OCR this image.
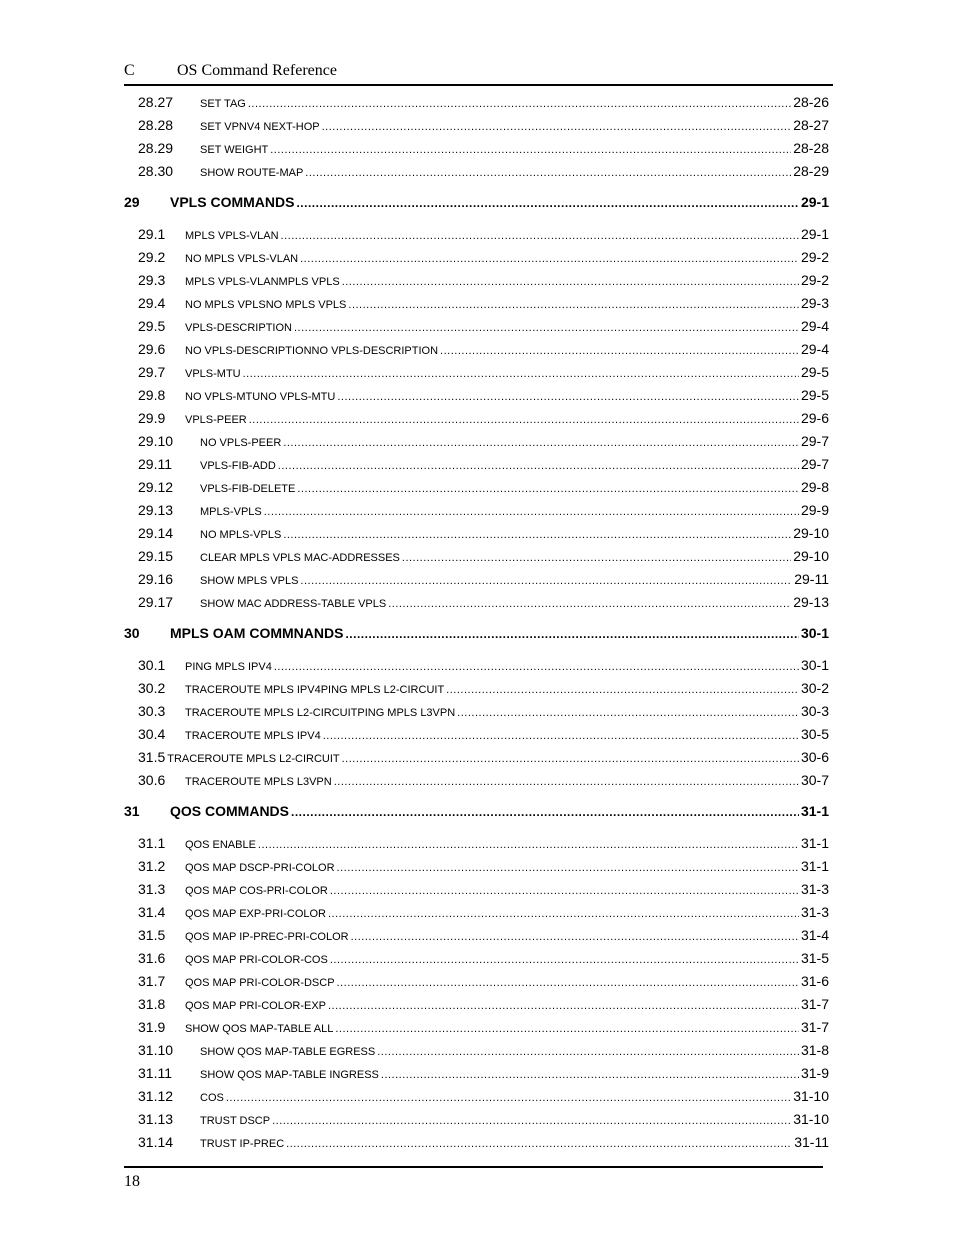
C	OS Command Reference
28.27	SET TAG .....	28-26
28.28	SET VPNV4 NEXT-HOP .....	28-27
28.29	SET WEIGHT .....	28-28
28.30	SHOW ROUTE-MAP .....	28-29
29	VPLS COMMANDS .....	29-1
29.1	MPLS VPLS-VLAN .....	29-1
29.2	NO MPLS VPLS-VLAN .....	29-2
29.3	MPLS VPLS-VLANMPLS VPLS .....	29-2
29.4	NO MPLS VPLSNO MPLS VPLS .....	29-3
29.5	VPLS-DESCRIPTION .....	29-4
29.6	NO VPLS-DESCRIPTIONNO VPLS-DESCRIPTION .....	29-4
29.7	VPLS-MTU .....	29-5
29.8	NO VPLS-MTUNO VPLS-MTU .....	29-5
29.9	VPLS-PEER .....	29-6
29.10	NO VPLS-PEER .....	29-7
29.11	VPLS-FIB-ADD .....	29-7
29.12	VPLS-FIB-DELETE .....	29-8
29.13	MPLS-VPLS .....	29-9
29.14	NO MPLS-VPLS .....	29-10
29.15	CLEAR MPLS VPLS MAC-ADDRESSES .....	29-10
29.16	SHOW MPLS VPLS .....	29-11
29.17	SHOW MAC ADDRESS-TABLE VPLS .....	29-13
30	MPLS OAM COMMNANDS .....	30-1
30.1	PING MPLS IPV4 .....	30-1
30.2	TRACEROUTE MPLS IPV4PING MPLS L2-CIRCUIT .....	30-2
30.3	TRACEROUTE MPLS L2-CIRCUITPING MPLS L3VPN .....	30-3
30.4	TRACEROUTE MPLS IPV4 .....	30-5
31.5 TRACEROUTE MPLS L2-CIRCUIT .....	30-6
30.6	TRACEROUTE MPLS L3VPN .....	30-7
31	QOS COMMANDS .....	31-1
31.1	QOS ENABLE .....	31-1
31.2	QOS MAP DSCP-PRI-COLOR .....	31-1
31.3	QOS MAP COS-PRI-COLOR .....	31-3
31.4	QOS MAP EXP-PRI-COLOR .....	31-3
31.5	QOS MAP IP-PREC-PRI-COLOR .....	31-4
31.6	QOS MAP PRI-COLOR-COS .....	31-5
31.7	QOS MAP PRI-COLOR-DSCP .....	31-6
31.8	QOS MAP PRI-COLOR-EXP .....	31-7
31.9	SHOW QOS MAP-TABLE ALL .....	31-7
31.10	SHOW QOS MAP-TABLE EGRESS .....	31-8
31.11	SHOW QOS MAP-TABLE INGRESS .....	31-9
31.12	COS .....	31-10
31.13	TRUST DSCP .....	31-10
31.14	TRUST IP-PREC .....	31-11
18
